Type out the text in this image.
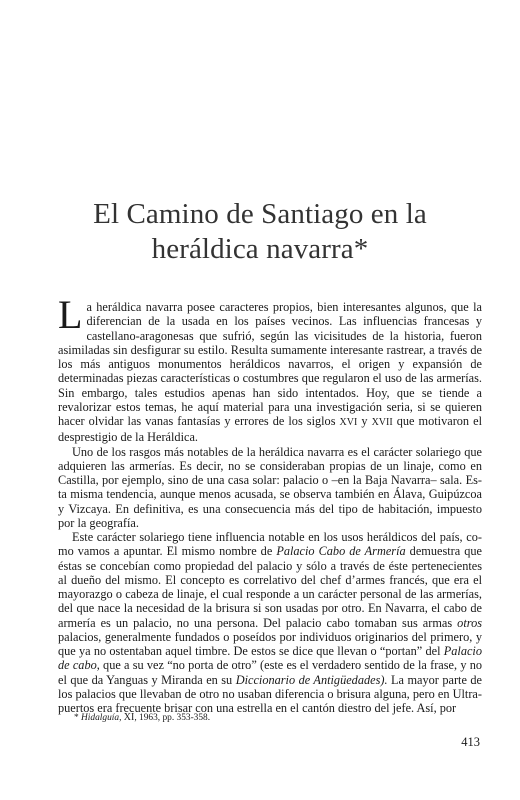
El Camino de Santiago en la
heráldica navarra*

La heráldica navarra posee caracteres propios, bien interesantes algunos, que la diferencian de la usada en los países vecinos. Las influencias francesas y castellano-aragonesas que sufrió, según las vicisitudes de la historia, fueron asimiladas sin desfigurar su estilo. Resulta sumamente interesante rastrear, a través de los más antiguos monumentos heráldicos navarros, el origen y expansión de determinadas piezas características o costumbres que regularon el uso de las armerías. Sin embargo, tales estudios apenas han sido intentados. Hoy, que se tiende a revalorizar estos temas, he aquí material para una investigación seria, si se quieren hacer olvidar las vanas fantasías y errores de los siglos XVI y XVII que motivaron el desprestigio de la Heráldica.

Uno de los rasgos más notables de la heráldica navarra es el carácter solariego que adquieren las armerías. Es decir, no se consideraban propias de un linaje, como en Castilla, por ejemplo, sino de una casa solar: palacio o –en la Baja Navarra– sala. Esta misma tendencia, aunque menos acusada, se observa también en Álava, Guipúzcoa y Vizcaya. En definitiva, es una consecuencia más del tipo de habitación, impuesto por la geografía.

Este carácter solariego tiene influencia notable en los usos heráldicos del país, como vamos a apuntar. El mismo nombre de Palacio Cabo de Armería demuestra que éstas se concebían como propiedad del palacio y sólo a través de éste pertenecientes al dueño del mismo. El concepto es correlativo del chef d’armes francés, que era el mayorazgo o cabeza de linaje, el cual responde a un carácter personal de las armerías, del que nace la necesidad de la brisura si son usadas por otro. En Navarra, el cabo de armería es un palacio, no una persona. Del palacio cabo tomaban sus armas otros palacios, generalmente fundados o poseídos por individuos originarios del primero, y que ya no ostentaban aquel timbre. De estos se dice que llevan o “portan” del Palacio de cabo, que a su vez “no porta de otro” (este es el verdadero sentido de la frase, y no el que da Yanguas y Miranda en su Diccionario de Antigüedades). La mayor parte de los palacios que llevaban de otro no usaban diferencia o brisura alguna, pero en Ultrapuertos era frecuente brisar con una estrella en el cantón diestro del jefe. Así, por

* Hidalguía, XI, 1963, pp. 353-358.
413
